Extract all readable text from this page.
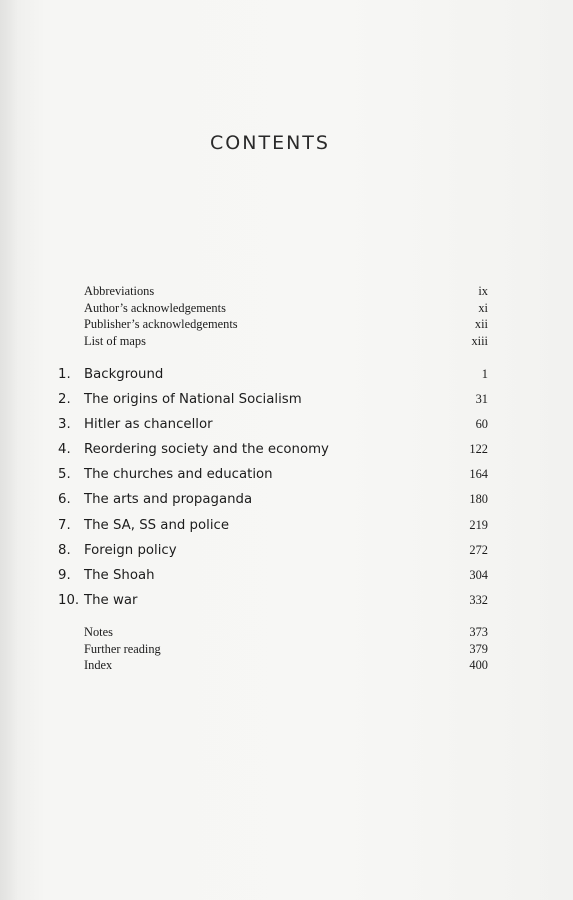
CONTENTS
Abbreviations	ix
Author’s acknowledgements	xi
Publisher’s acknowledgements	xii
List of maps	xiii
1.	Background	1
2.	The origins of National Socialism	31
3.	Hitler as chancellor	60
4.	Reordering society and the economy	122
5.	The churches and education	164
6.	The arts and propaganda	180
7.	The SA, SS and police	219
8.	Foreign policy	272
9.	The Shoah	304
10. The war	332
Notes	373
Further reading	379
Index	400
